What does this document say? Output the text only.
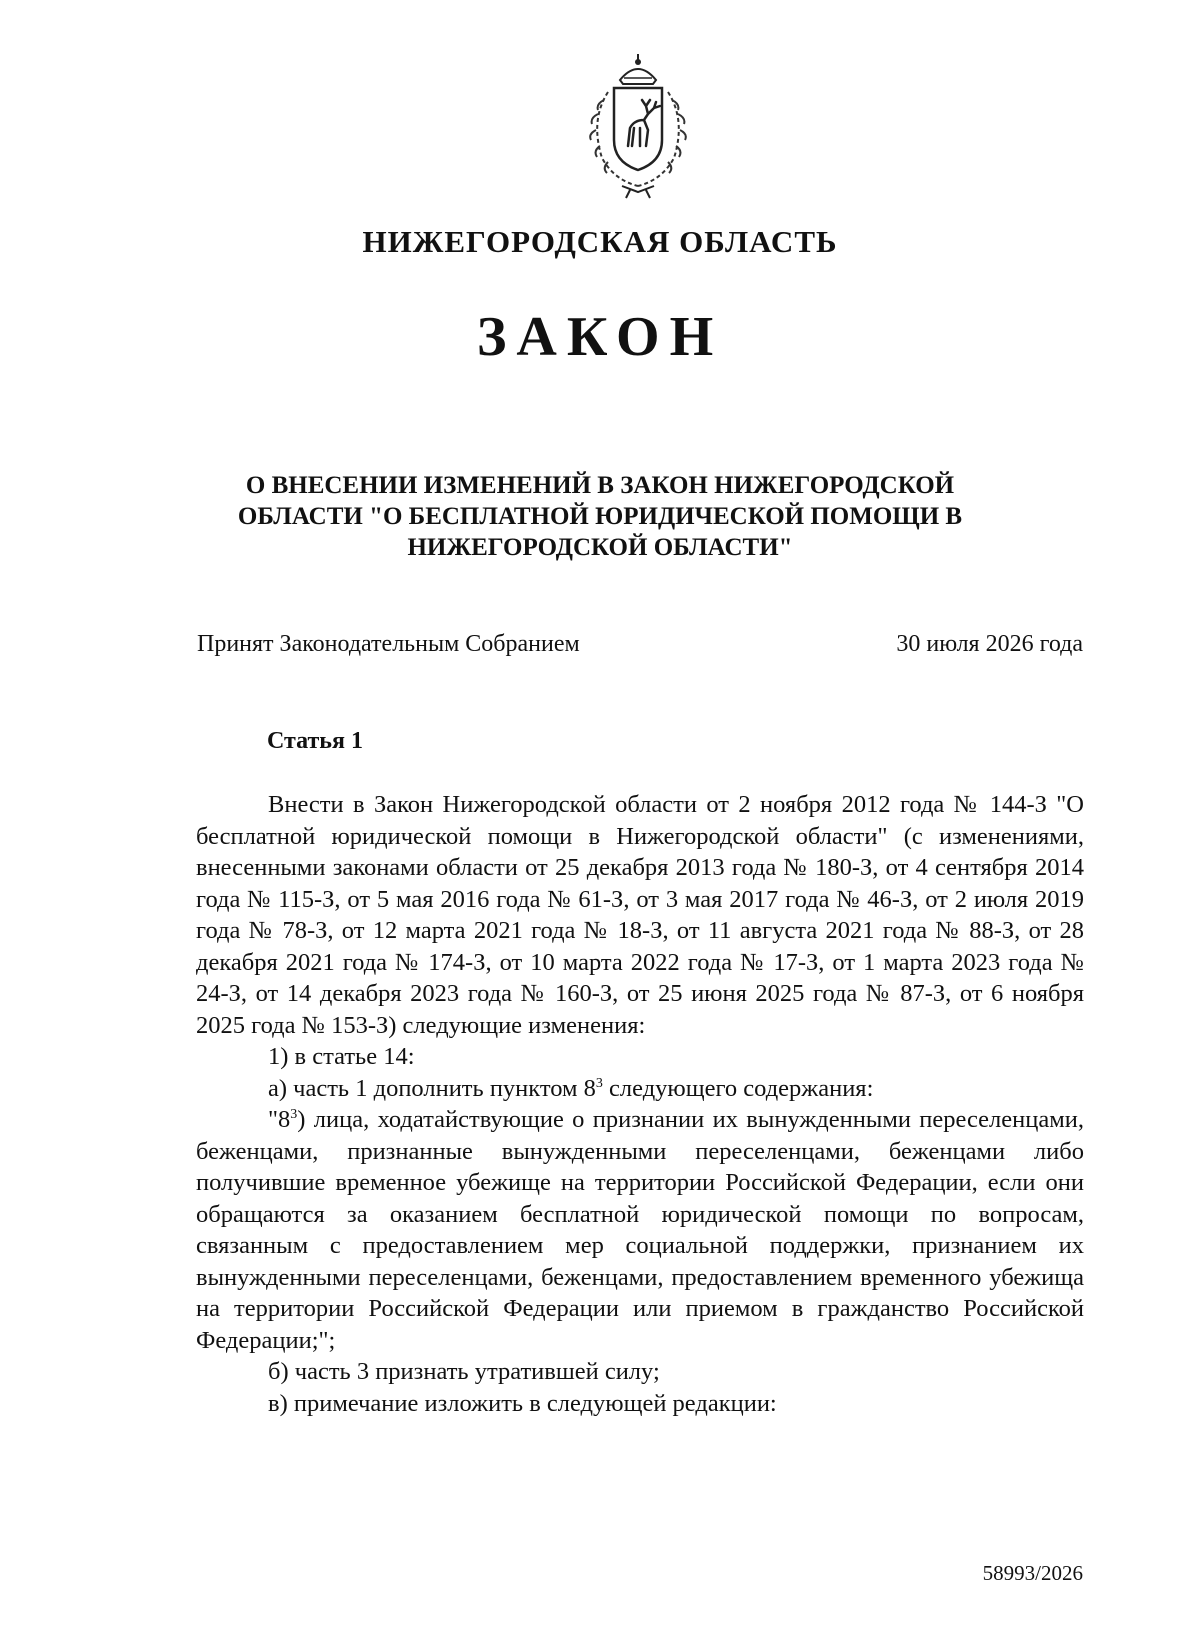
НИЖЕГОРОДСКАЯ ОБЛАСТЬ
ЗАКОН
О ВНЕСЕНИИ ИЗМЕНЕНИЙ В ЗАКОН НИЖЕГОРОДСКОЙ
ОБЛАСТИ "О БЕСПЛАТНОЙ ЮРИДИЧЕСКОЙ ПОМОЩИ В
НИЖЕГОРОДСКОЙ ОБЛАСТИ"
Принят Законодательным Собранием	30 июля 2026 года
Статья 1
Внести в Закон Нижегородской области от 2 ноября 2012 года № 144-З "О бесплатной юридической помощи в Нижегородской области" (с изменениями, внесенными законами области от 25 декабря 2013 года № 180-З, от 4 сентября 2014 года № 115-З, от 5 мая 2016 года № 61-З, от 3 мая 2017 года № 46-З, от 2 июля 2019 года № 78-З, от 12 марта 2021 года № 18-З, от 11 августа 2021 года № 88-З, от 28 декабря 2021 года № 174-З, от 10 марта 2022 года № 17-З, от 1 марта 2023 года № 24-З, от 14 декабря 2023 года № 160-З, от 25 июня 2025 года № 87-З, от 6 ноября 2025 года № 153-З) следующие изменения:
1) в статье 14:
а) часть 1 дополнить пунктом $8^3$ следующего содержания:
"$8^3$) лица, ходатайствующие о признании их вынужденными переселенцами, беженцами, признанные вынужденными переселенцами, беженцами либо получившие временное убежище на территории Российской Федерации, если они обращаются за оказанием бесплатной юридической помощи по вопросам, связанным с предоставлением мер социальной поддержки, признанием их вынужденными переселенцами, беженцами, предоставлением временного убежища на территории Российской Федерации или приемом в гражданство Российской Федерации;";
б) часть 3 признать утратившей силу;
в) примечание изложить в следующей редакции:
58993/2026
